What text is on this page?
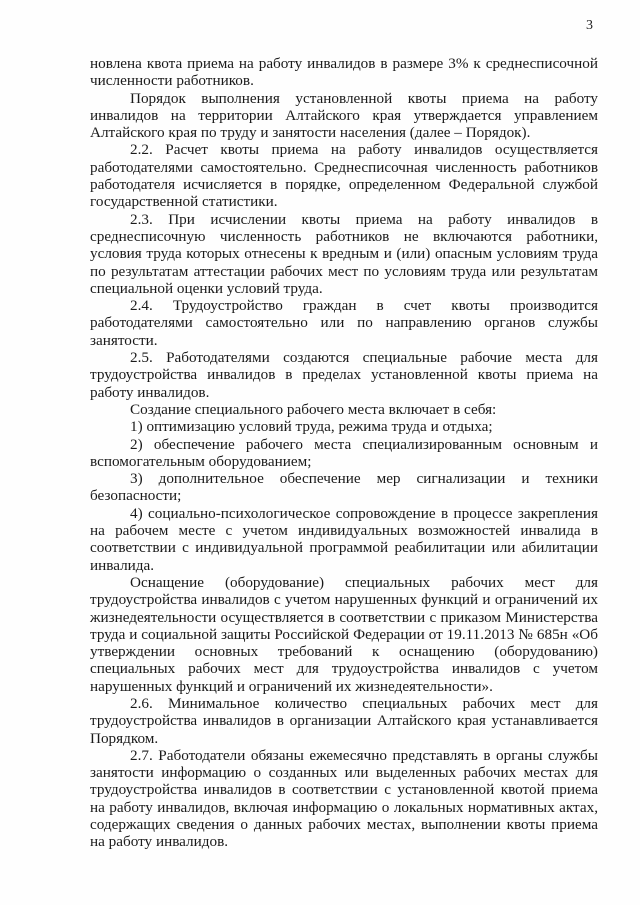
3

новлена квота приема на работу инвалидов в размере 3% к среднесписочной численности работников.

Порядок выполнения установленной квоты приема на работу инвалидов на территории Алтайского края утверждается управлением Алтайского края по труду и занятости населения (далее – Порядок).

2.2. Расчет квоты приема на работу инвалидов осуществляется работодателями самостоятельно. Среднесписочная численность работников работодателя исчисляется в порядке, определенном Федеральной службой государственной статистики.

2.3. При исчислении квоты приема на работу инвалидов в среднесписочную численность работников не включаются работники, условия труда которых отнесены к вредным и (или) опасным условиям труда по результатам аттестации рабочих мест по условиям труда или результатам специальной оценки условий труда.

2.4. Трудоустройство граждан в счет квоты производится работодателями самостоятельно или по направлению органов службы занятости.

2.5. Работодателями создаются специальные рабочие места для трудоустройства инвалидов в пределах установленной квоты приема на работу инвалидов.

Создание специального рабочего места включает в себя:

1) оптимизацию условий труда, режима труда и отдыха;

2) обеспечение рабочего места специализированным основным и вспомогательным оборудованием;

3) дополнительное обеспечение мер сигнализации и техники безопасности;

4) социально-психологическое сопровождение в процессе закрепления на рабочем месте с учетом индивидуальных возможностей инвалида в соответствии с индивидуальной программой реабилитации или абилитации инвалида.

Оснащение (оборудование) специальных рабочих мест для трудоустройства инвалидов с учетом нарушенных функций и ограничений их жизнедеятельности осуществляется в соответствии с приказом Министерства труда и социальной защиты Российской Федерации от 19.11.2013 № 685н «Об утверждении основных требований к оснащению (оборудованию) специальных рабочих мест для трудоустройства инвалидов с учетом нарушенных функций и ограничений их жизнедеятельности».

2.6. Минимальное количество специальных рабочих мест для трудоустройства инвалидов в организации Алтайского края устанавливается Порядком.

2.7. Работодатели обязаны ежемесячно представлять в органы службы занятости информацию о созданных или выделенных рабочих местах для трудоустройства инвалидов в соответствии с установленной квотой приема на работу инвалидов, включая информацию о локальных нормативных актах, содержащих сведения о данных рабочих местах, выполнении квоты приема на работу инвалидов.
